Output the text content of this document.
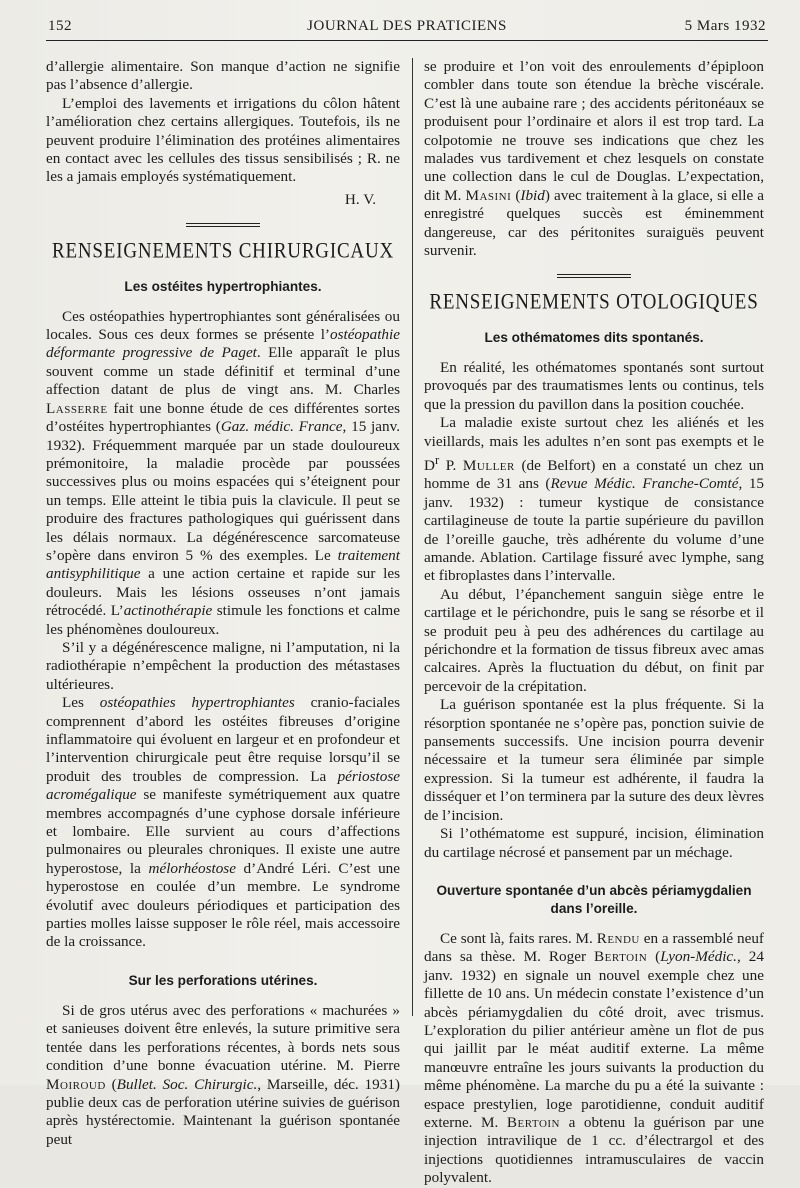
152	JOURNAL DES PRATICIENS	5 Mars 1932

d’allergie alimentaire. Son manque d’action ne signifie pas l’absence d’allergie.

L’emploi des lavements et irrigations du côlon hâtent l’amélioration chez certains allergiques. Toutefois, ils ne peuvent produire l’élimination des protéines alimentaires en contact avec les cellules des tissus sensibilisés ; R. ne les a jamais employés systématiquement.

H. V.
RENSEIGNEMENTS CHIRURGICAUX
Les ostéites hypertrophiantes.

Ces ostéopathies hypertrophiantes sont généralisées ou locales. Sous ces deux formes se présente l’ostéopathie déformante progressive de Paget. Elle apparaît le plus souvent comme un stade définitif et terminal d’une affection datant de plus de vingt ans. M. Charles Lasserre fait une bonne étude de ces différentes sortes d’ostéites hypertrophiantes (Gaz. médic. France, 15 janv. 1932). Fréquemment marquée par un stade douloureux prémonitoire, la maladie procède par poussées successives plus ou moins espacées qui s’éteignent pour un temps. Elle atteint le tibia puis la clavicule. Il peut se produire des fractures pathologiques qui guérissent dans les délais normaux. La dégénérescence sarcomateuse s’opère dans environ 5 % des exemples. Le traitement antisyphilitique a une action certaine et rapide sur les douleurs. Mais les lésions osseuses n’ont jamais rétrocédé. L’actinothérapie stimule les fonctions et calme les phénomènes douloureux.

S’il y a dégénérescence maligne, ni l’amputation, ni la radiothérapie n’empêchent la production des métastases ultérieures.

Les ostéopathies hypertrophiantes cranio-faciales comprennent d’abord les ostéites fibreuses d’origine inflammatoire qui évoluent en largeur et en profondeur et l’intervention chirurgicale peut être requise lorsqu’il se produit des troubles de compression. La périostose acromégalique se manifeste symétriquement aux quatre membres accompagnés d’une cyphose dorsale inférieure et lombaire. Elle survient au cours d’affections pulmonaires ou pleurales chroniques. Il existe une autre hyperostose, la mélorhéostose d’André Léri. C’est une hyperostose en coulée d’un membre. Le syndrome évolutif avec douleurs périodiques et participation des parties molles laisse supposer le rôle réel, mais accessoire de la croissance.

Sur les perforations utérines.

Si de gros utérus avec des perforations « machurées » et sanieuses doivent être enlevés, la suture primitive sera tentée dans les perforations récentes, à bords nets sous condition d’une bonne évacuation utérine. M. Pierre Moiroud (Bullet. Soc. Chirurgic., Marseille, déc. 1931) publie deux cas de perforation utérine suivies de guérison après hystérectomie. Maintenant la guérison spontanée peut

se produire et l’on voit des enroulements d’épiploon combler dans toute son étendue la brèche viscérale. C’est là une aubaine rare ; des accidents péritonéaux se produisent pour l’ordinaire et alors il est trop tard. La colpotomie ne trouve ses indications que chez les malades vus tardivement et chez lesquels on constate une collection dans le cul de Douglas. L’expectation, dit M. Masini (Ibid) avec traitement à la glace, si elle a enregistré quelques succès est éminemment dangereuse, car des péritonites suraiguës peuvent survenir.

RENSEIGNEMENTS OTOLOGIQUES
Les othématomes dits spontanés.

En réalité, les othématomes spontanés sont surtout provoqués par des traumatismes lents ou continus, tels que la pression du pavillon dans la position couchée.

La maladie existe surtout chez les aliénés et les vieillards, mais les adultes n’en sont pas exempts et le $D^r$ P. Muller (de Belfort) en a constaté un chez un homme de 31 ans (Revue Médic. Franche-Comté, 15 janv. 1932) : tumeur kystique de consistance cartilagineuse de toute la partie supérieure du pavillon de l’oreille gauche, très adhérente du volume d’une amande. Ablation. Cartilage fissuré avec lymphe, sang et fibroplastes dans l’intervalle.

Au début, l’épanchement sanguin siège entre le cartilage et le périchondre, puis le sang se résorbe et il se produit peu à peu des adhérences du cartilage au périchondre et la formation de tissus fibreux avec amas calcaires. Après la fluctuation du début, on finit par percevoir de la crépitation.

La guérison spontanée est la plus fréquente. Si la résorption spontanée ne s’opère pas, ponction suivie de pansements successifs. Une incision pourra devenir nécessaire et la tumeur sera éliminée par simple expression. Si la tumeur est adhérente, il faudra la disséquer et l’on terminera par la suture des deux lèvres de l’incision.

Si l’othématome est suppuré, incision, élimination du cartilage nécrosé et pansement par un méchage.

Ouverture spontanée d’un abcès périamygdalien dans l’oreille.

Ce sont là, faits rares. M. Rendu en a rassemblé neuf dans sa thèse. M. Roger Bertoin (Lyon-Médic., 24 janv. 1932) en signale un nouvel exemple chez une fillette de 10 ans. Un médecin constate l’existence d’un abcès périamygdalien du côté droit, avec trismus. L’exploration du pilier antérieur amène un flot de pus qui jaillit par le méat auditif externe. La même manœuvre entraîne les jours suivants la production du même phénomène. La marche du pu a été la suivante : espace prestylien, loge parotidienne, conduit auditif externe. M. Bertoin a obtenu la guérison par une injection intravilique de 1 cc. d’électrargol et des injections quotidiennes intramusculaires de vaccin polyvalent.
